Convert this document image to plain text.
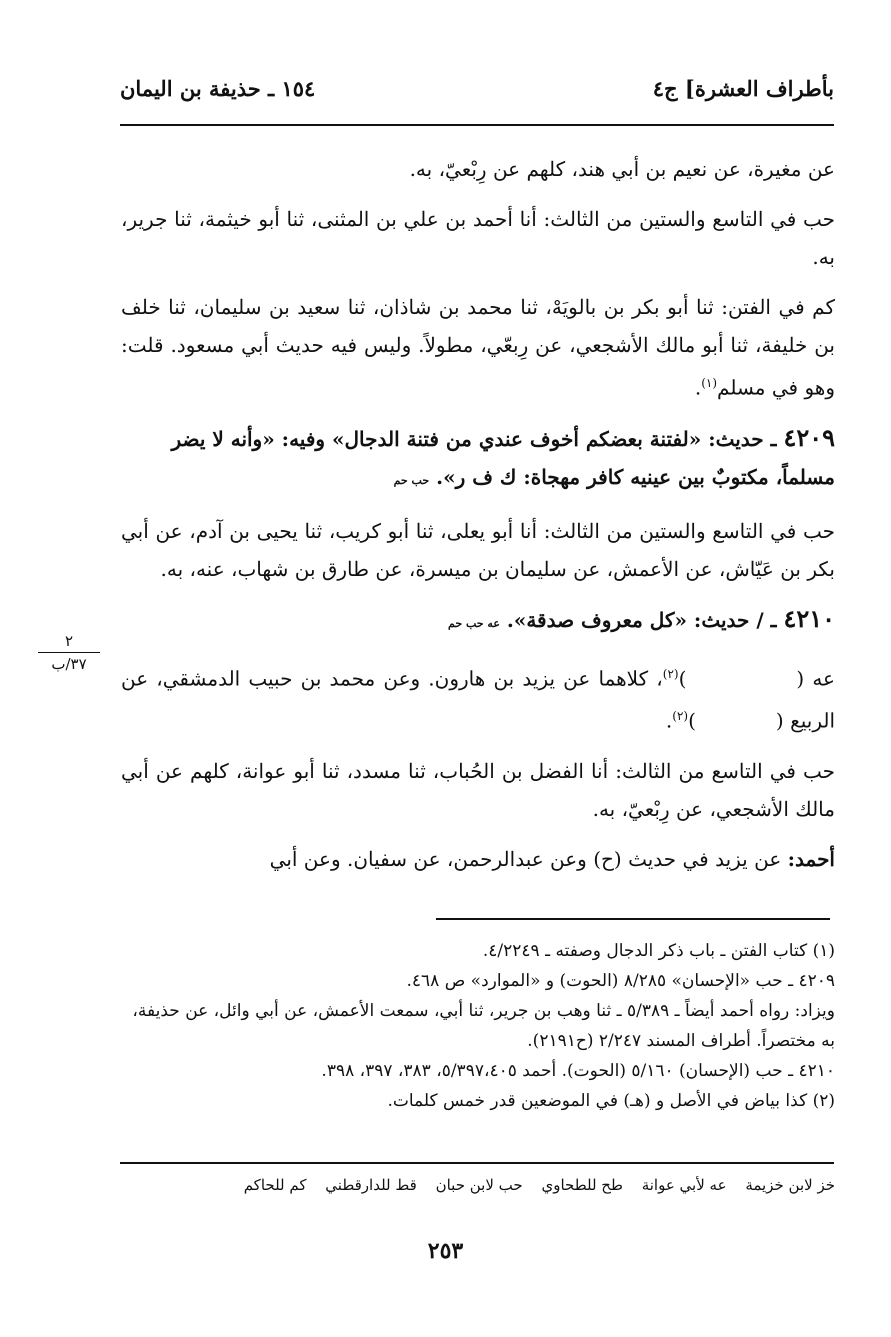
بأطراف العشرة] ج٤
١٥٤ ـ حذيفة بن اليمان

عن مغيرة، عن نعيم بن أبي هند، كلهم عن رِبْعيّ، به.

حب في التاسع والستين من الثالث: أنا أحمد بن علي بن المثنى، ثنا أبو خيثمة، ثنا جرير، به.

كم في الفتن: ثنا أبو بكر بن بالويَهْ، ثنا محمد بن شاذان، ثنا سعيد بن سليمان، ثنا خلف بن خليفة، ثنا أبو مالك الأشجعي، عن رِبعّي، مطولاً. وليس فيه حديث أبي مسعود. قلت: وهو في مسلم$^{(١)}$.

٤٢٠٩ ـ حديث: «لفتنة بعضكم أخوف عندي من فتنة الدجال» وفيه: «وأنه لا يضر مسلماً، مكتوبٌ بين عينيه كافر مهجاة: ك ف ر». حب حم

حب في التاسع والستين من الثالث: أنا أبو يعلى، ثنا أبو كريب، ثنا يحيى بن آدم، عن أبي بكر بن عَيّاش، عن الأعمش، عن سليمان بن ميسرة، عن طارق بن شهاب، عنه، به.

٤٢١٠ ـ / حديث: «كل معروف صدقة». عه حب حم

عه ()$^{(٢)}$، كلاهما عن يزيد بن هارون. وعن محمد بن حبيب الدمشقي، عن الربيع ()$^{(٢)}$.

حب في التاسع من الثالث: أنا الفضل بن الحُباب، ثنا مسدد، ثنا أبو عوانة، كلهم عن أبي مالك الأشجعي، عن رِبْعيّ، به.

أحمد: عن يزيد في حديث (ح) وعن عبدالرحمن، عن سفيان. وعن أبي

٢
٣٧/ب

(١) كتاب الفتن ـ باب ذكر الدجال وصفته ـ ٤/٢٢٤٩.

٤٢٠٩ ـ حب «الإحسان» ٨/٢٨٥ (الحوت) و «الموارد» ص ٤٦٨.

ويزاد: رواه أحمد أيضاً ـ ٥/٣٨٩ ـ ثنا وهب بن جرير، ثنا أبي، سمعت الأعمش، عن أبي وائل، عن حذيفة، به مختصراً. أطراف المسند ٢/٢٤٧ (ح٢١٩١).

٤٢١٠ ـ حب (الإحسان) ٥/١٦٠ (الحوت). أحمد ٥/٣٩٧،٤٠٥، ٣٨٣، ٣٩٧، ٣٩٨.

(٢) كذا بياض في الأصل و (هـ) في الموضعين قدر خمس كلمات.

خز لابن خزيمة عه لأبي عوانة طح للطحاوي حب لابن حبان قط للدارقطني كم للحاكم
٢٥٣
